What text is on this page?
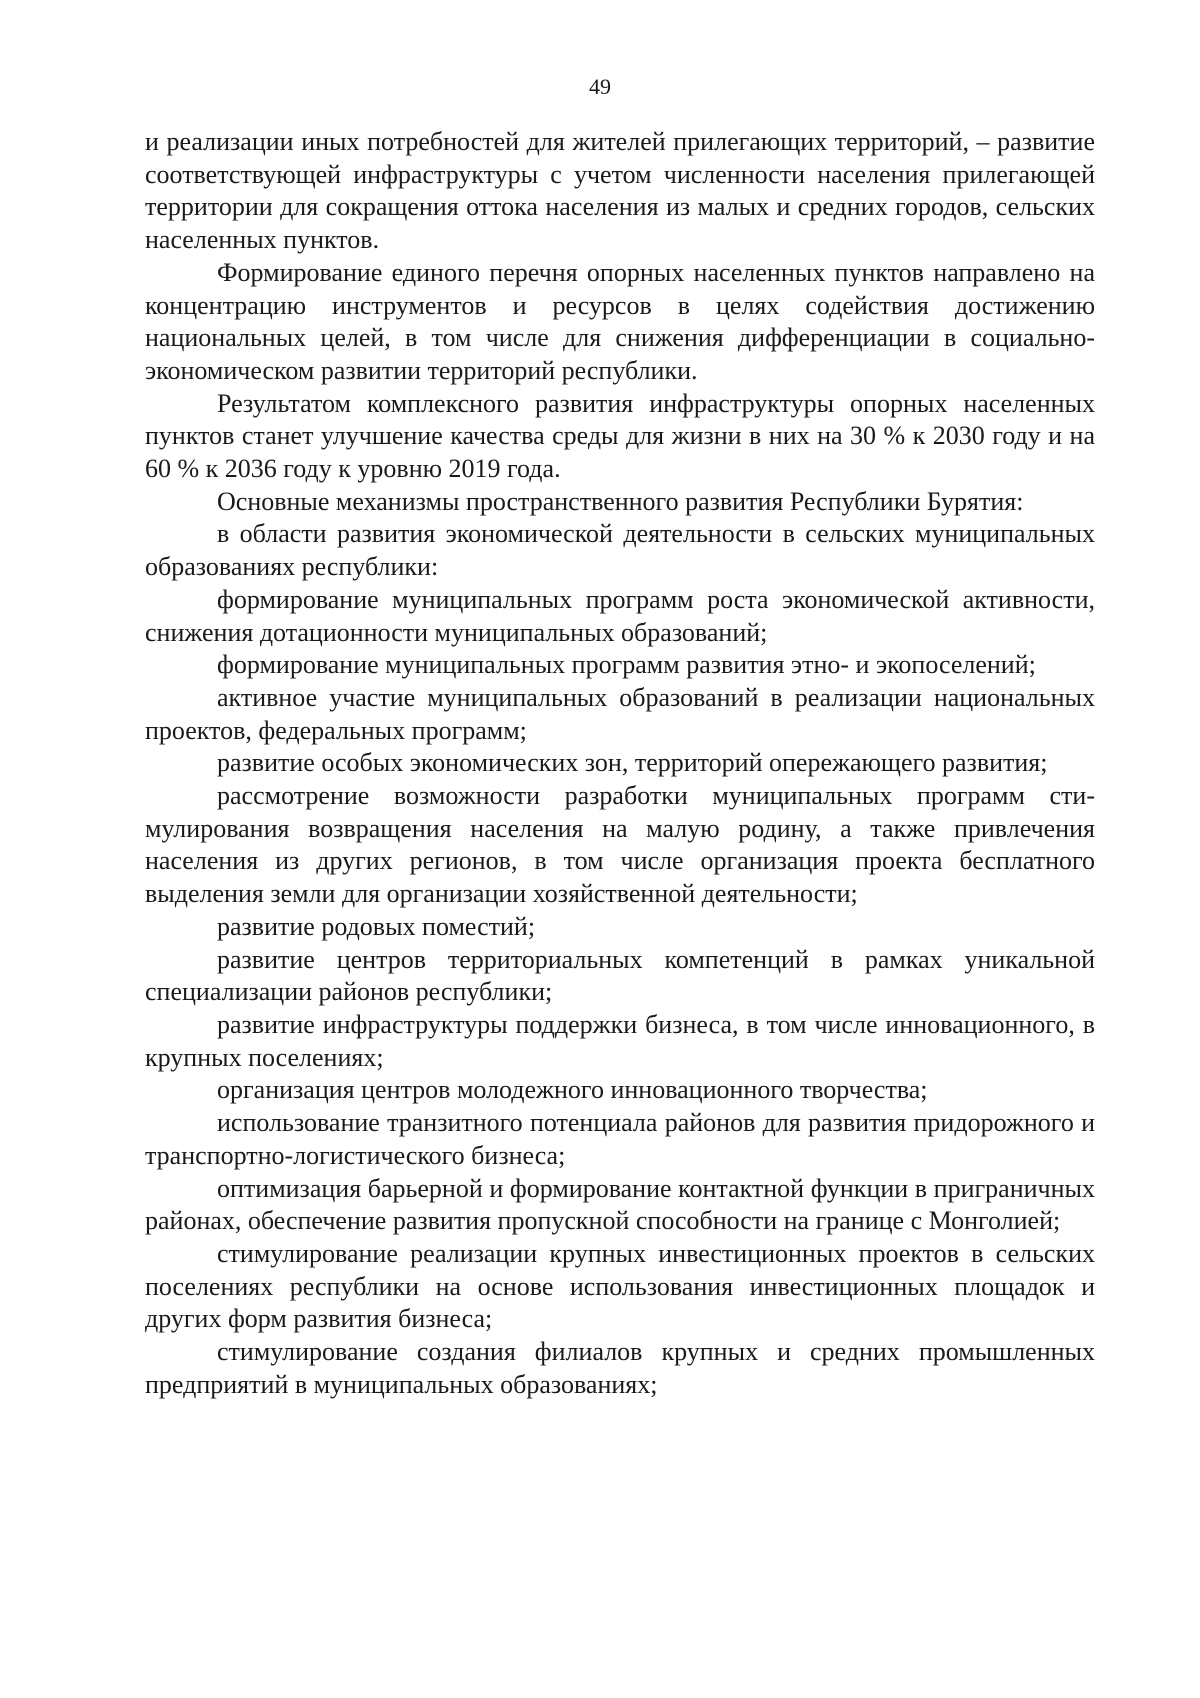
49

и реализации иных потребностей для жителей прилегающих территорий, – развитие соответствующей инфраструктуры с учетом численности населения прилегающей территории для сокращения оттока населения из малых и средних городов, сельских населенных пунктов.

Формирование единого перечня опорных населенных пунктов направлено на концентрацию инструментов и ресурсов в целях содействия достижению национальных целей, в том числе для снижения дифференциации в социально-экономическом развитии территорий республики.

Результатом комплексного развития инфраструктуры опорных населенных пунктов станет улучшение качества среды для жизни в них на 30 % к 2030 году и на 60 % к 2036 году к уровню 2019 года.

Основные механизмы пространственного развития Республики Бурятия:

в области развития экономической деятельности в сельских муниципальных образованиях республики:

формирование муниципальных программ роста экономической активности, снижения дотационности муниципальных образований;

формирование муниципальных программ развития этно- и экопоселений;

активное участие муниципальных образований в реализации национальных проектов, федеральных программ;

развитие особых экономических зон, территорий опережающего развития;

рассмотрение возможности разработки муниципальных программ стимулирования возвращения населения на малую родину, а также привлечения населения из других регионов, в том числе организация проекта бесплатного выделения земли для организации хозяйственной деятельности;

развитие родовых поместий;

развитие центров территориальных компетенций в рамках уникальной специализации районов республики;

развитие инфраструктуры поддержки бизнеса, в том числе инновационного, в крупных поселениях;

организация центров молодежного инновационного творчества;

использование транзитного потенциала районов для развития придорожного и транспортно-логистического бизнеса;

оптимизация барьерной и формирование контактной функции в приграничных районах, обеспечение развития пропускной способности на границе с Монголией;

стимулирование реализации крупных инвестиционных проектов в сельских поселениях республики на основе использования инвестиционных площадок и других форм развития бизнеса;

стимулирование создания филиалов крупных и средних промышленных предприятий в муниципальных образованиях;
